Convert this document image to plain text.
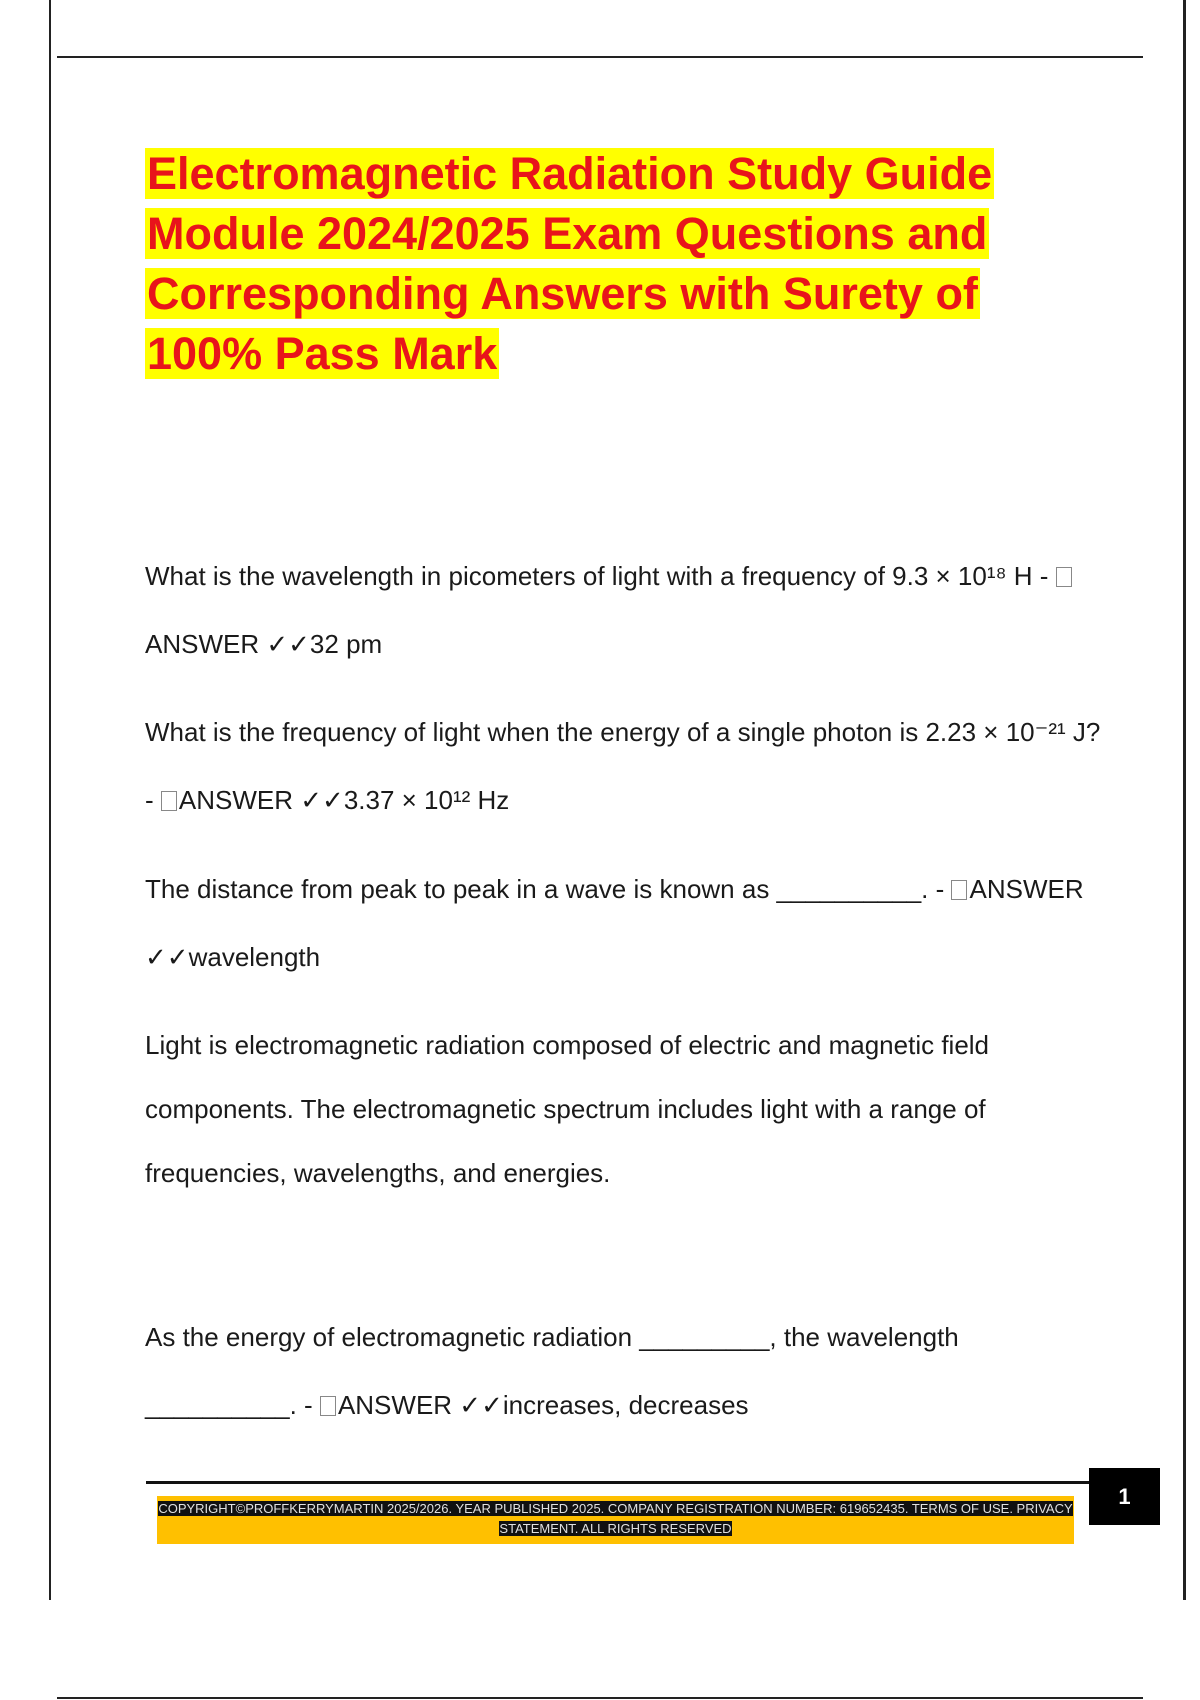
Electromagnetic Radiation Study Guide Module 2024/2025 Exam Questions and Corresponding Answers with Surety of 100% Pass Mark

What is the wavelength in picometers of light with a frequency of 9.3 × 10¹⁸ H - ANSWER ✓✓32 pm

What is the frequency of light when the energy of a single photon is 2.23 × 10⁻²¹ J? - ANSWER ✓✓3.37 × 10¹² Hz

The distance from peak to peak in a wave is known as __________. - ANSWER ✓✓wavelength

Light is electromagnetic radiation composed of electric and magnetic field components. The electromagnetic spectrum includes light with a range of frequencies, wavelengths, and energies.

As the energy of electromagnetic radiation _________, the wavelength __________. - ANSWER ✓✓increases, decreases

COPYRIGHT©PROFFKERRYMARTIN 2025/2026. YEAR PUBLISHED 2025. COMPANY REGISTRATION NUMBER: 619652435. TERMS OF USE. PRIVACY STATEMENT. ALL RIGHTS RESERVED
1
